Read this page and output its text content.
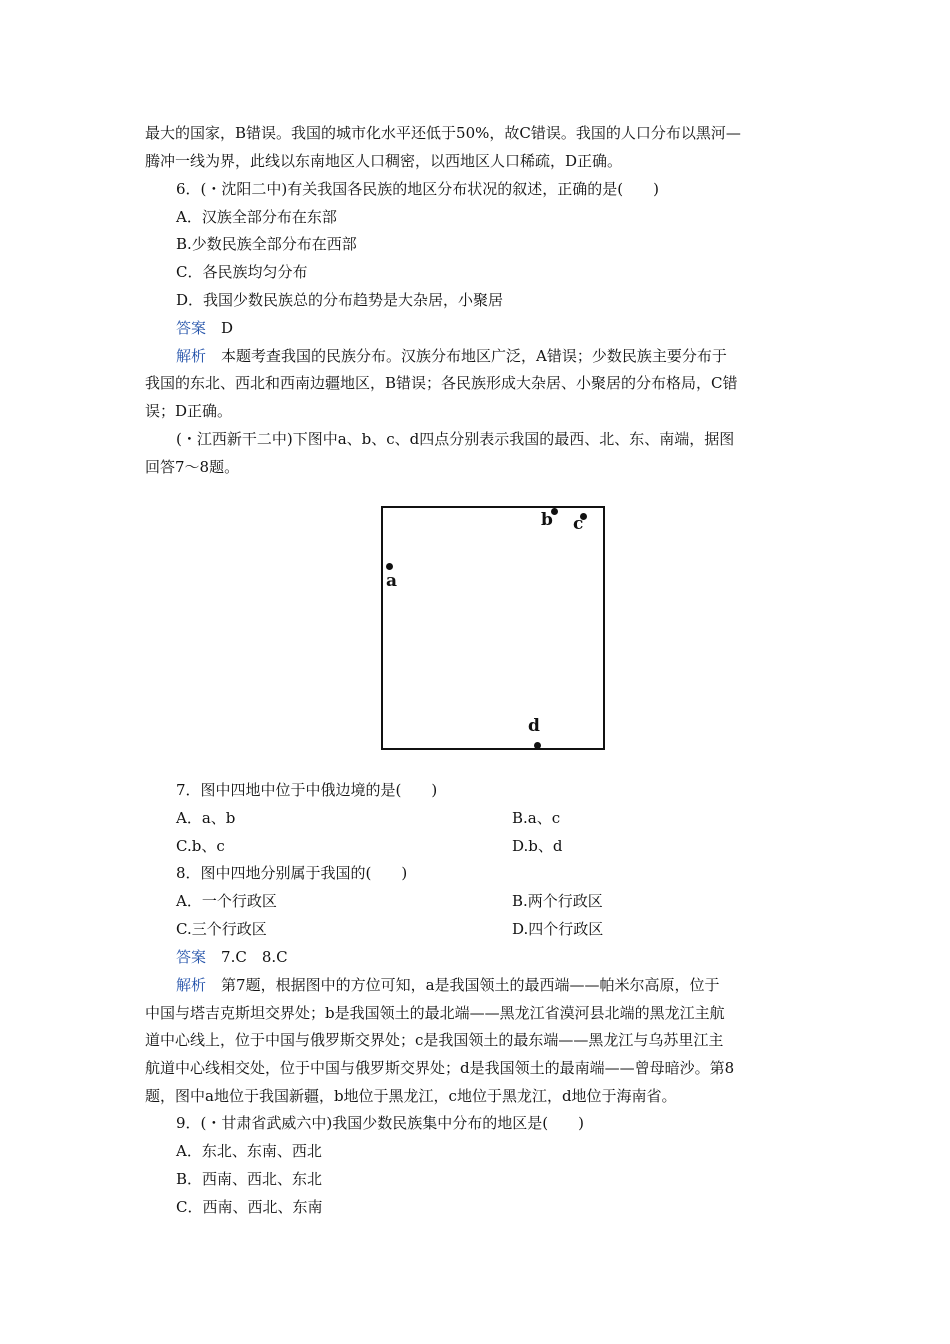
最大的国家，B错误。我国的城市化水平还低于50%，故C错误。我国的人口分布以黑河—
腾冲一线为界，此线以东南地区人口稠密，以西地区人口稀疏，D正确。
6．(・沈阳二中)有关我国各民族的地区分布状况的叙述，正确的是(　　)
A．汉族全部分布在东部
B.少数民族全部分布在西部
C．各民族均匀分布
D．我国少数民族总的分布趋势是大杂居，小聚居
答案　 D
解析　 本题考查我国的民族分布。汉族分布地区广泛，A错误；少数民族主要分布于
我国的东北、西北和西南边疆地区，B错误；各民族形成大杂居、小聚居的分布格局，C错
误；D正确。
(・江西新干二中)下图中a、b、c、d四点分别表示我国的最西、北、东、南端，据图
回答7～8题。
a
b c
d
7．图中四地中位于中俄边境的是(　　)
A．a、b	B.a、c
C.b、c	D.b、d
8．图中四地分别属于我国的(　　)
A．一个行政区	B.两个行政区
C.三个行政区	D.四个行政区
答案　 7.C　8.C
解析　 第7题，根据图中的方位可知，a是我国领土的最西端——帕米尔高原，位于
中国与塔吉克斯坦交界处；b是我国领土的最北端——黑龙江省漠河县北端的黑龙江主航
道中心线上，位于中国与俄罗斯交界处；c是我国领土的最东端——黑龙江与乌苏里江主
航道中心线相交处，位于中国与俄罗斯交界处；d是我国领土的最南端——曾母暗沙。第8
题，图中a地位于我国新疆，b地位于黑龙江，c地位于黑龙江，d地位于海南省。
9．(・甘肃省武威六中)我国少数民族集中分布的地区是(　　)
A．东北、东南、西北
B．西南、西北、东北
C．西南、西北、东南
